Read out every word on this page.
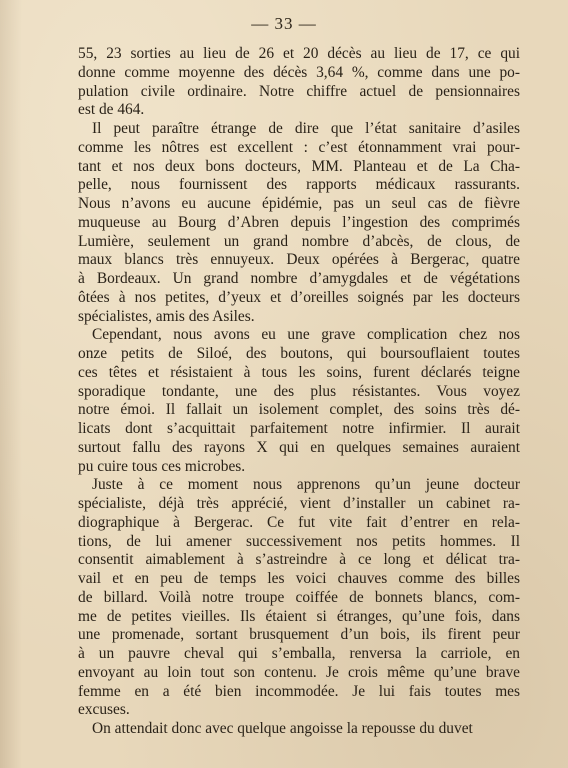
— 33 —
55, 23 sorties au lieu de 26 et 20 décès au lieu de 17, ce qui
donne comme moyenne des décès 3,64 %, comme dans une po-
pulation civile ordinaire. Notre chiffre actuel de pensionnaires
est de 464.
Il peut paraître étrange de dire que l’état sanitaire d’asiles
comme les nôtres est excellent : c’est étonnamment vrai pour-
tant et nos deux bons docteurs, MM. Planteau et de La Cha-
pelle, nous fournissent des rapports médicaux rassurants.
Nous n’avons eu aucune épidémie, pas un seul cas de fièvre
muqueuse au Bourg d’Abren depuis l’ingestion des comprimés
Lumière, seulement un grand nombre d’abcès, de clous, de
maux blancs très ennuyeux. Deux opérées à Bergerac, quatre
à Bordeaux. Un grand nombre d’amygdales et de végétations
ôtées à nos petites, d’yeux et d’oreilles soignés par les docteurs
spécialistes, amis des Asiles.
Cependant, nous avons eu une grave complication chez nos
onze petits de Siloé, des boutons, qui boursouflaient toutes
ces têtes et résistaient à tous les soins, furent déclarés teigne
sporadique tondante, une des plus résistantes. Vous voyez
notre émoi. Il fallait un isolement complet, des soins très dé-
licats dont s’acquittait parfaitement notre infirmier. Il aurait
surtout fallu des rayons X qui en quelques semaines auraient
pu cuire tous ces microbes.
Juste à ce moment nous apprenons qu’un jeune docteur
spécialiste, déjà très apprécié, vient d’installer un cabinet ra-
diographique à Bergerac. Ce fut vite fait d’entrer en rela-
tions, de lui amener successivement nos petits hommes. Il
consentit aimablement à s’astreindre à ce long et délicat tra-
vail et en peu de temps les voici chauves comme des billes
de billard. Voilà notre troupe coiffée de bonnets blancs, com-
me de petites vieilles. Ils étaient si étranges, qu’une fois, dans
une promenade, sortant brusquement d’un bois, ils firent peur
à un pauvre cheval qui s’emballa, renversa la carriole, en
envoyant au loin tout son contenu. Je crois même qu’une brave
femme en a été bien incommodée. Je lui fais toutes mes
excuses.
On attendait donc avec quelque angoisse la repousse du duvet
